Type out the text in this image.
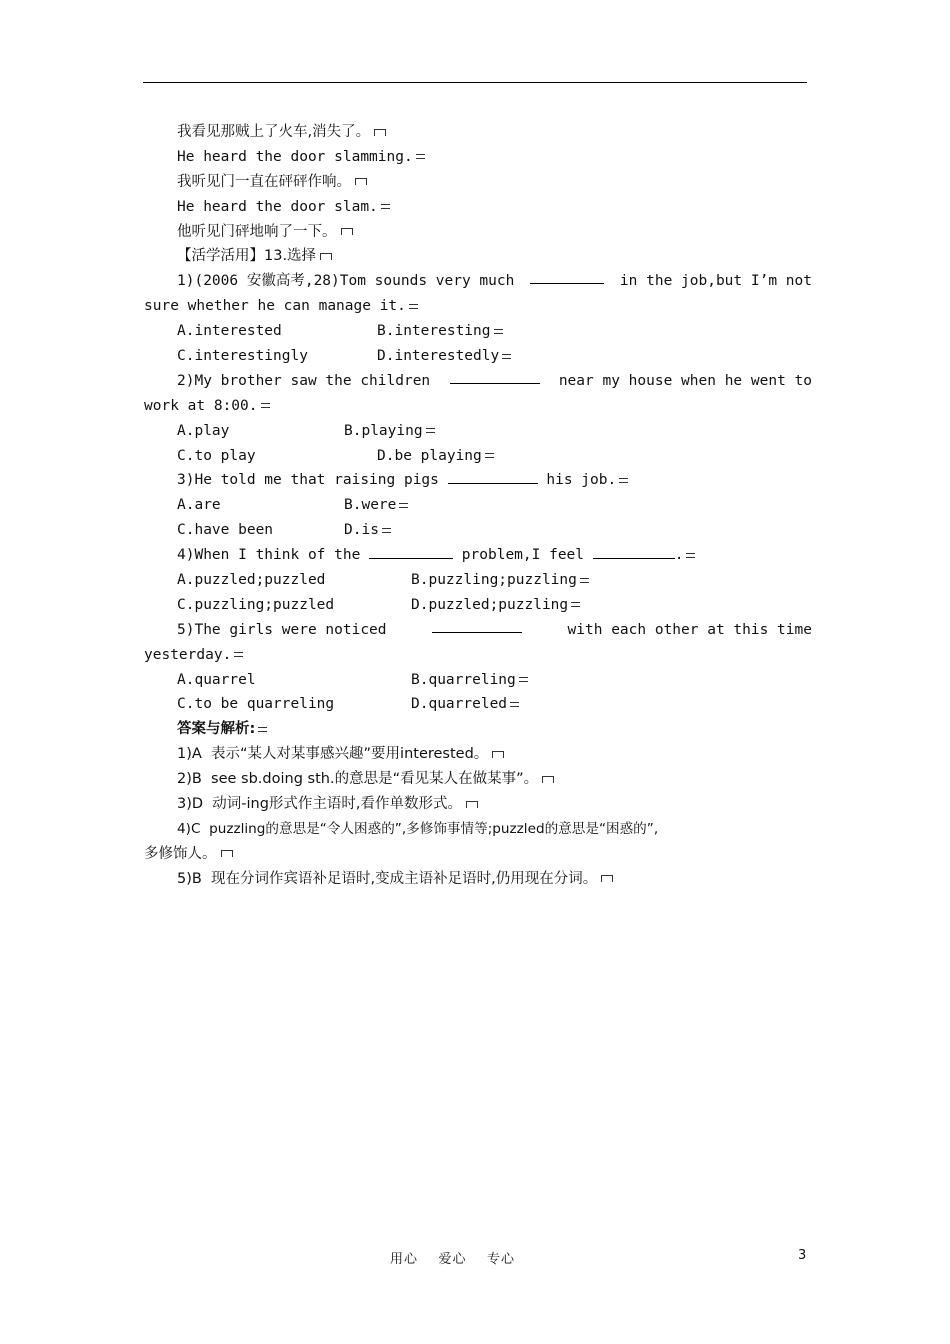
我看见那贼上了火车,消失了。
He heard the door slamming.
我听见门一直在砰砰作响。
He heard the door slam.
他听见门砰地响了一下。
【活学活用】13.选择
1)(2006 安徽高考,28)Tom sounds very much	in the job,but I’m not
sure whether he can manage it.
A.interested	B.interesting
C.interestingly	D.interestedly
2)My brother saw the children	near my house when he went to
work at 8:00.
A.play	B.playing
C.to play	D.be playing
3)He told me that raising pigs	his job.
A.are	B.were
C.have been	D.is
4)When I think of the	problem,I feel	.
A.puzzled;puzzled	B.puzzling;puzzling
C.puzzling;puzzled	D.puzzled;puzzling
5)The girls were noticed	with each other at this time
yesterday.
A.quarrel	B.quarreling
C.to be quarreling	D.quarreled
答案与解析:
1)A  表示“某人对某事感兴趣”要用interested。
2)B  see sb.doing sth.的意思是“看见某人在做某事”。
3)D  动词-ing形式作主语时,看作单数形式。
4)C  puzzling的意思是“令人困惑的”,多修饰事情等;puzzled的意思是“困惑的”,
多修饰人。
5)B  现在分词作宾语补足语时,变成主语补足语时,仍用现在分词。
用心    爱心    专心	3
